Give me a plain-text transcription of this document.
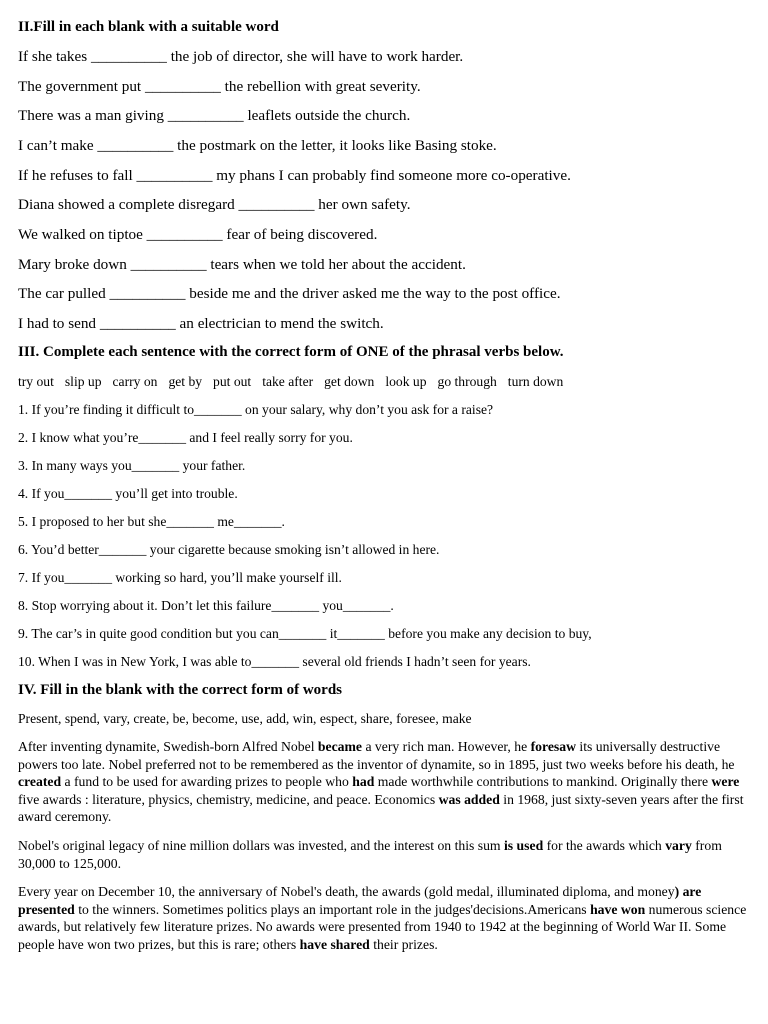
II.Fill in each blank with a suitable word
If she takes __________ the job of director, she will have to work harder.
The government put __________ the rebellion with great severity.
There was a man giving __________ leaflets outside the church.
I can’t make __________ the postmark on the letter, it looks like Basing stoke.
If he refuses to fall __________ my phans I can probably find someone more co-operative.
Diana showed a complete disregard __________ her own safety.
We walked on tiptoe __________ fear of being discovered.
Mary broke down __________ tears when we told her about the accident.
The car pulled __________ beside me and the driver asked me the way to the post office.
I had to send __________ an electrician to mend the switch.
III. Complete each sentence with the correct form of ONE of the phrasal verbs below.
try out slip up carry on get by put out take after get down look up go through turn down
1. If you’re finding it difficult to_______ on your salary, why don’t you ask for a raise?
2. I know what you’re_______ and I feel really sorry for you.
3. In many ways you_______ your father.
4. If you_______ you’ll get into trouble.
5. I proposed to her but she_______ me_______.
6. You’d better_______ your cigarette because smoking isn’t allowed in here.
7. If you_______ working so hard, you’ll make yourself ill.
8. Stop worrying about it. Don’t let this failure_______ you_______.
9. The car’s in quite good condition but you can_______ it_______ before you make any decision to buy,
10. When I was in New York, I was able to_______ several old friends I hadn’t seen for years.
IV. Fill in the blank with the correct form of words
Present, spend, vary, create, be, become, use, add, win, espect, share, foresee, make
After inventing dynamite, Swedish-born Alfred Nobel became a very rich man. However, he foresaw its universally destructive powers too late. Nobel preferred not to be remembered as the inventor of dynamite, so in 1895, just two weeks before his death, he created a fund to be used for awarding prizes to people who had made worthwhile contributions to mankind. Originally there were five awards : literature, physics, chemistry, medicine, and peace. Economics was added in 1968, just sixty-seven years after the first award ceremony.
Nobel's original legacy of nine million dollars was invested, and the interest on this sum is used for the awards which vary from 30,000 to 125,000.
Every year on December 10, the anniversary of Nobel's death, the awards (gold medal, illuminated diploma, and money) are presented to the winners. Sometimes politics plays an important role in the judges'decisions.Americans have won numerous science awards, but relatively few literature prizes. No awards were presented from 1940 to 1942 at the beginning of World War II. Some people have won two prizes, but this is rare; others have shared their prizes.
